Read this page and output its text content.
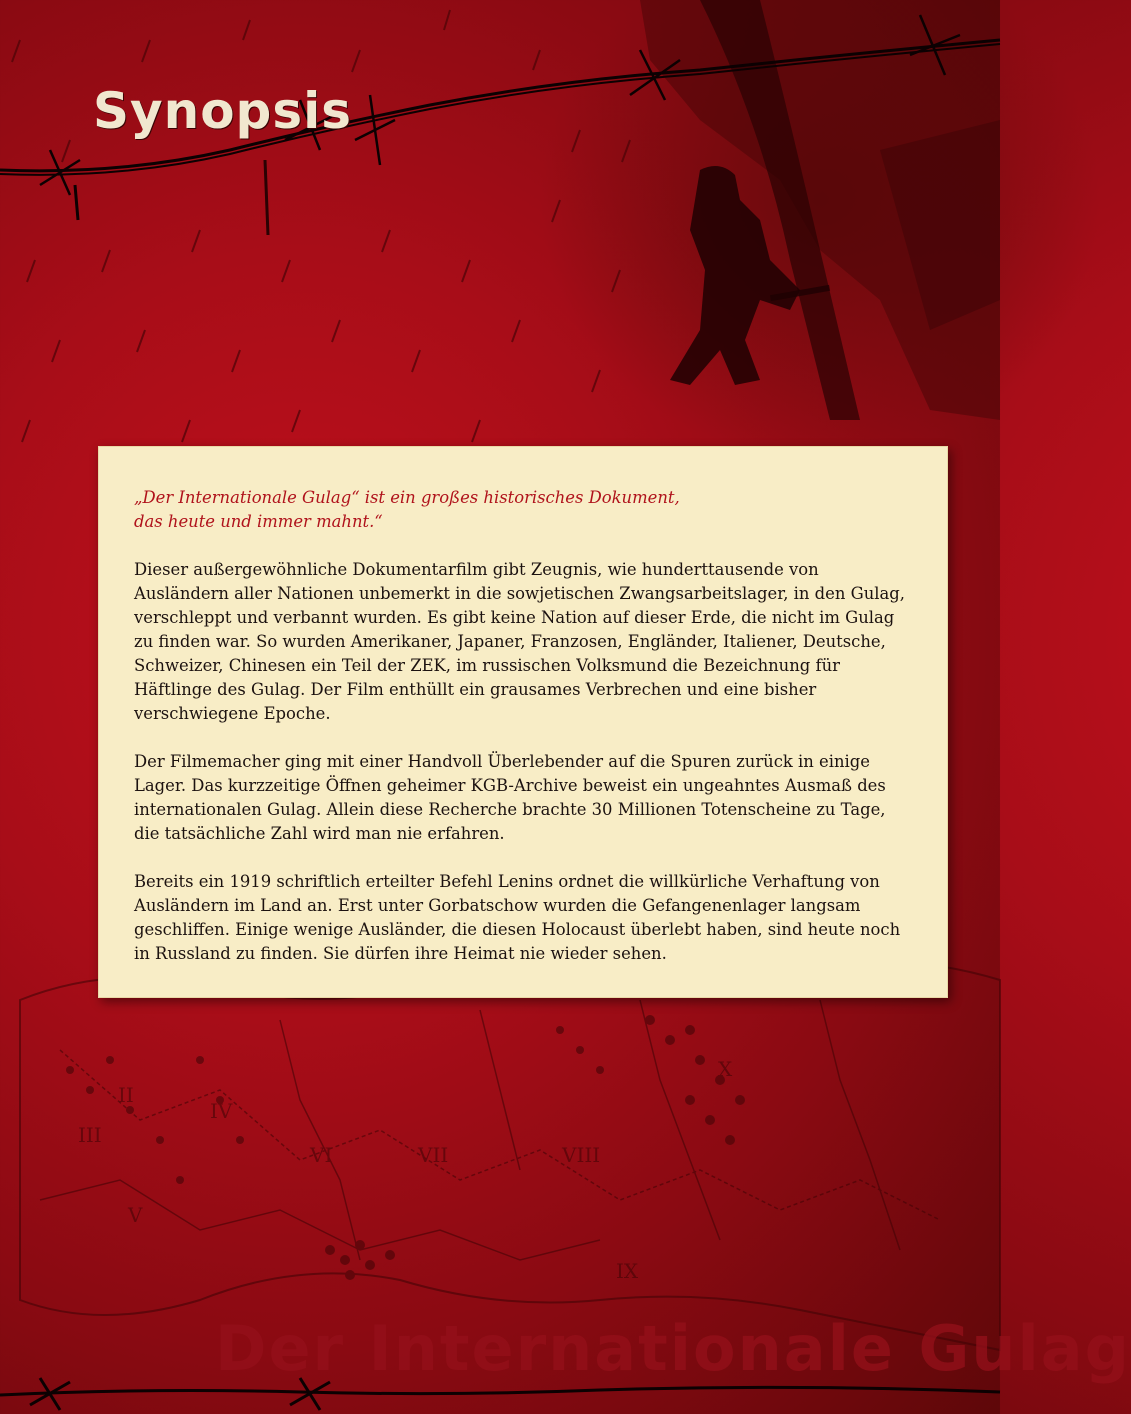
II
III
IV
V
VI	VII	VIII
IX
X
Synopsis

„Der Internationale Gulag“ ist ein großes historisches Dokument,
das heute und immer mahnt.“

Dieser außergewöhnliche Dokumentarfilm gibt Zeugnis, wie hunderttausende von Ausländern aller Nationen unbemerkt in die sowjetischen Zwangsarbeitslager, in den Gulag, verschleppt und verbannt wurden. Es gibt keine Nation auf dieser Erde, die nicht im Gulag zu finden war. So wurden Amerikaner, Japaner, Franzosen, Engländer, Italiener, Deutsche, Schweizer, Chinesen ein Teil der ZEK, im russischen Volksmund die Bezeichnung für Häftlinge des Gulag. Der Film enthüllt ein grausames Verbrechen und eine bisher verschwiegene Epoche.

Der Filmemacher ging mit einer Handvoll Überlebender auf die Spuren zurück in einige Lager. Das kurzzeitige Öffnen geheimer KGB-Archive beweist ein ungeahntes Ausmaß des internationalen Gulag. Allein diese Recherche brachte 30 Millionen Totenscheine zu Tage, die tatsächliche Zahl wird man nie erfahren.

Bereits ein 1919 schriftlich erteilter Befehl Lenins ordnet die willkürliche Verhaftung von Ausländern im Land an. Erst unter Gorbatschow wurden die Gefangenenlager langsam geschliffen. Einige wenige Ausländer, die diesen Holocaust überlebt haben, sind heute noch in Russland zu finden. Sie dürfen ihre Heimat nie wieder sehen.

Der Internationale Gulag
